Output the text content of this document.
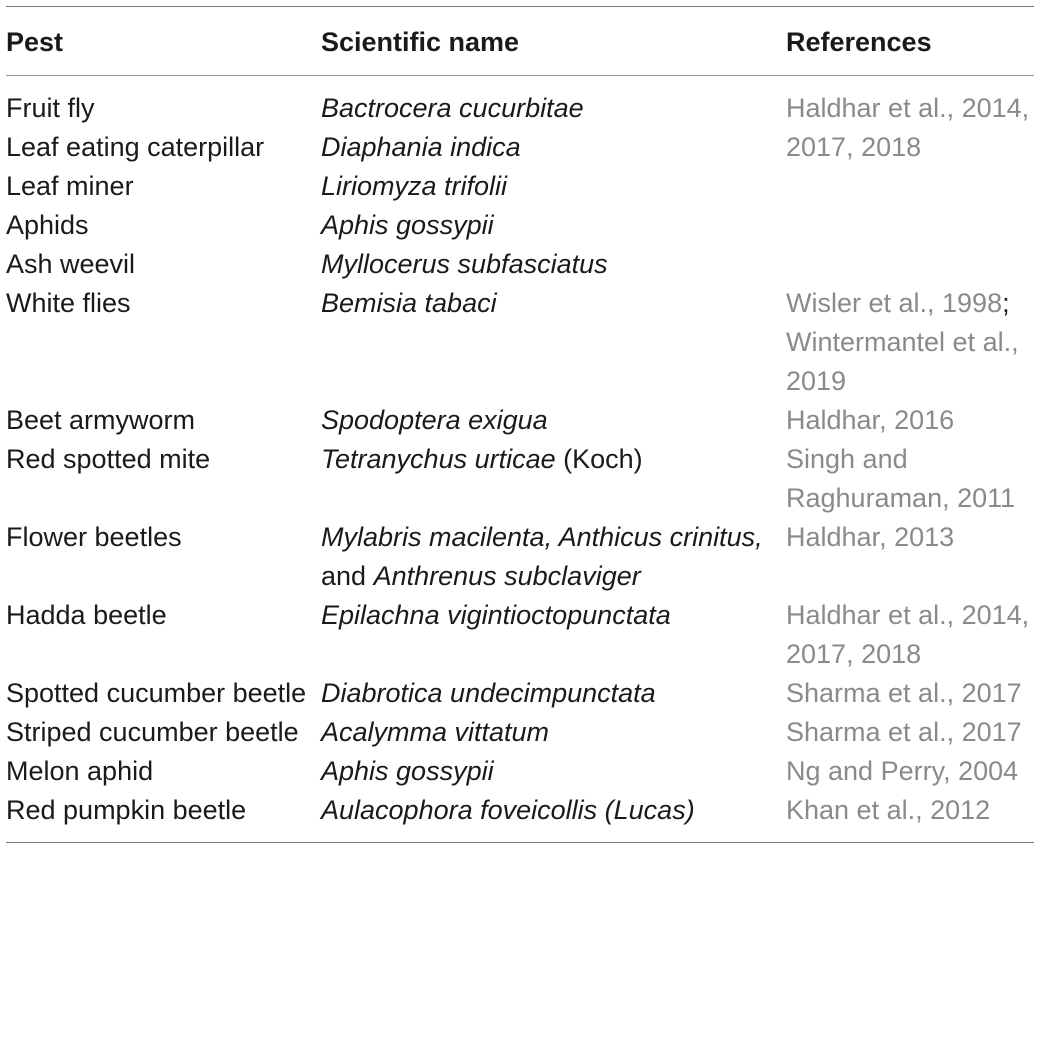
Pest	Scientific name	References
Fruit fly	Bactrocera cucurbitae	Haldhar et al., 2014, 2017, 2018
Leaf eating caterpillar	Diaphania indica	
Leaf miner	Liriomyza trifolii	
Aphids	Aphis gossypii	
Ash weevil	Myllocerus subfasciatus	
White flies	Bemisia tabaci	Wisler et al., 1998; Wintermantel et al., 2019
Beet armyworm	Spodoptera exigua	Haldhar, 2016
Red spotted mite	Tetranychus urticae (Koch)	Singh and Raghuraman, 2011
Flower beetles	Mylabris macilenta, Anthicus crinitus, and Anthrenus subclaviger	Haldhar, 2013
Hadda beetle	Epilachna vigintioctopunctata	Haldhar et al., 2014, 2017, 2018
Spotted cucumber beetle	Diabrotica undecimpunctata	Sharma et al., 2017
Striped cucumber beetle	Acalymma vittatum	Sharma et al., 2017
Melon aphid	Aphis gossypii	Ng and Perry, 2004
Red pumpkin beetle	Aulacophora foveicollis (Lucas)	Khan et al., 2012
